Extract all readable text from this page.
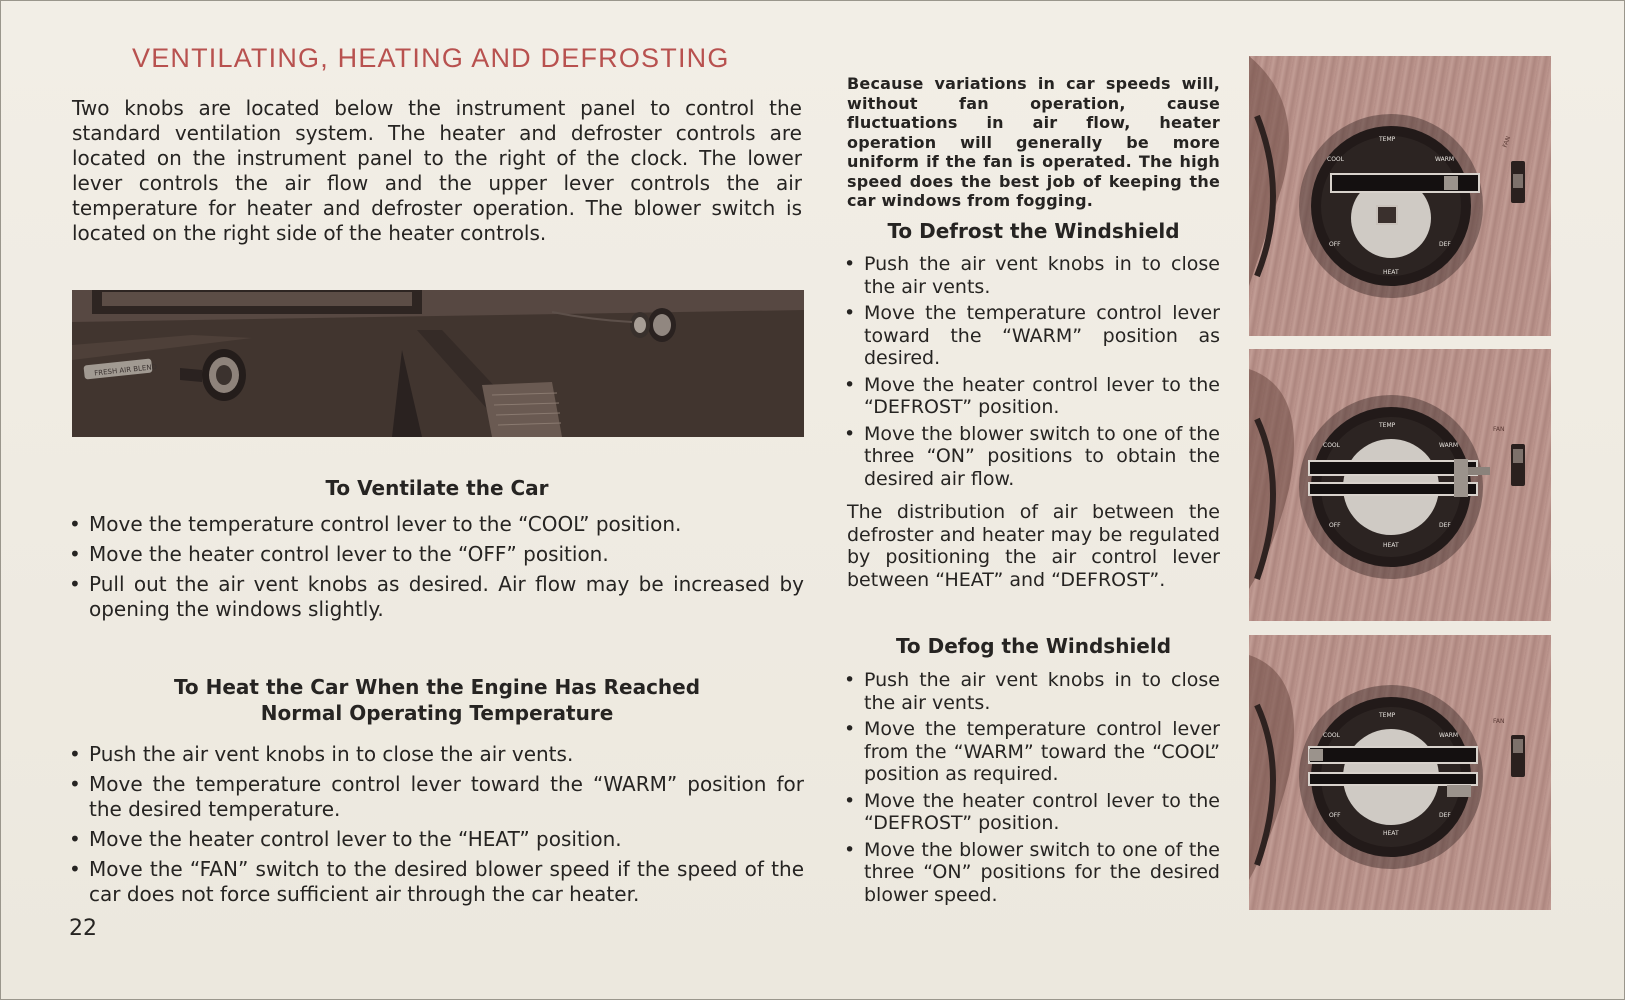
VENTILATING, HEATING AND DEFROSTING

Two knobs are located below the instrument panel to control the standard ventilation system. The heater and defroster controls are located on the instrument panel to the right of the clock. The lower lever controls the air flow and the upper lever controls the air temperature for heater and defroster operation. The blower switch is located on the right side of the heater controls.

FRESH AIR BLEND
To Ventilate the Car
• Move the temperature control lever to the “COOL” position.
• Move the heater control lever to the “OFF” position.
• Pull out the air vent knobs as desired. Air flow may be increased by opening the windows slightly.
To Heat the Car When the Engine Has Reached
Normal Operating Temperature
• Push the air vent knobs in to close the air vents.
• Move the temperature control lever toward the “WARM” position for the desired temperature.
• Move the heater control lever to the “HEAT” position.
• Move the “FAN” switch to the desired blower speed if the speed of the car does not force sufficient air through the car heater.

22

Because variations in car speeds will, without fan operation, cause fluctuations in air flow, heater operation will generally be more uniform if the fan is operated. The high speed does the best job of keeping the car windows from fogging.

To Defrost the Windshield
• Push the air vent knobs in to close the air vents.
• Move the temperature control lever toward the “WARM” position as desired.
• Move the heater control lever to the “DEFROST” position.
• Move the blower switch to one of the three “ON” positions to obtain the desired air flow.

The distribution of air between the defroster and heater may be regulated by positioning the air control lever between “HEAT” and “DEFROST”.

To Defog the Windshield
• Push the air vent knobs in to close the air vents.
• Move the temperature control lever from the “WARM” toward the “COOL” position as required.
• Move the heater control lever to the “DEFROST” position.
• Move the blower switch to one of the three “ON” positions for the desired blower speed.
TEMP
COOL	WARM
OFF	DEF
HEAT
FAN
TEMP
COOL	WARM
OFF	DEF
HEAT
FAN
TEMP
COOL	WARM
OFF	DEF
HEAT
FAN
